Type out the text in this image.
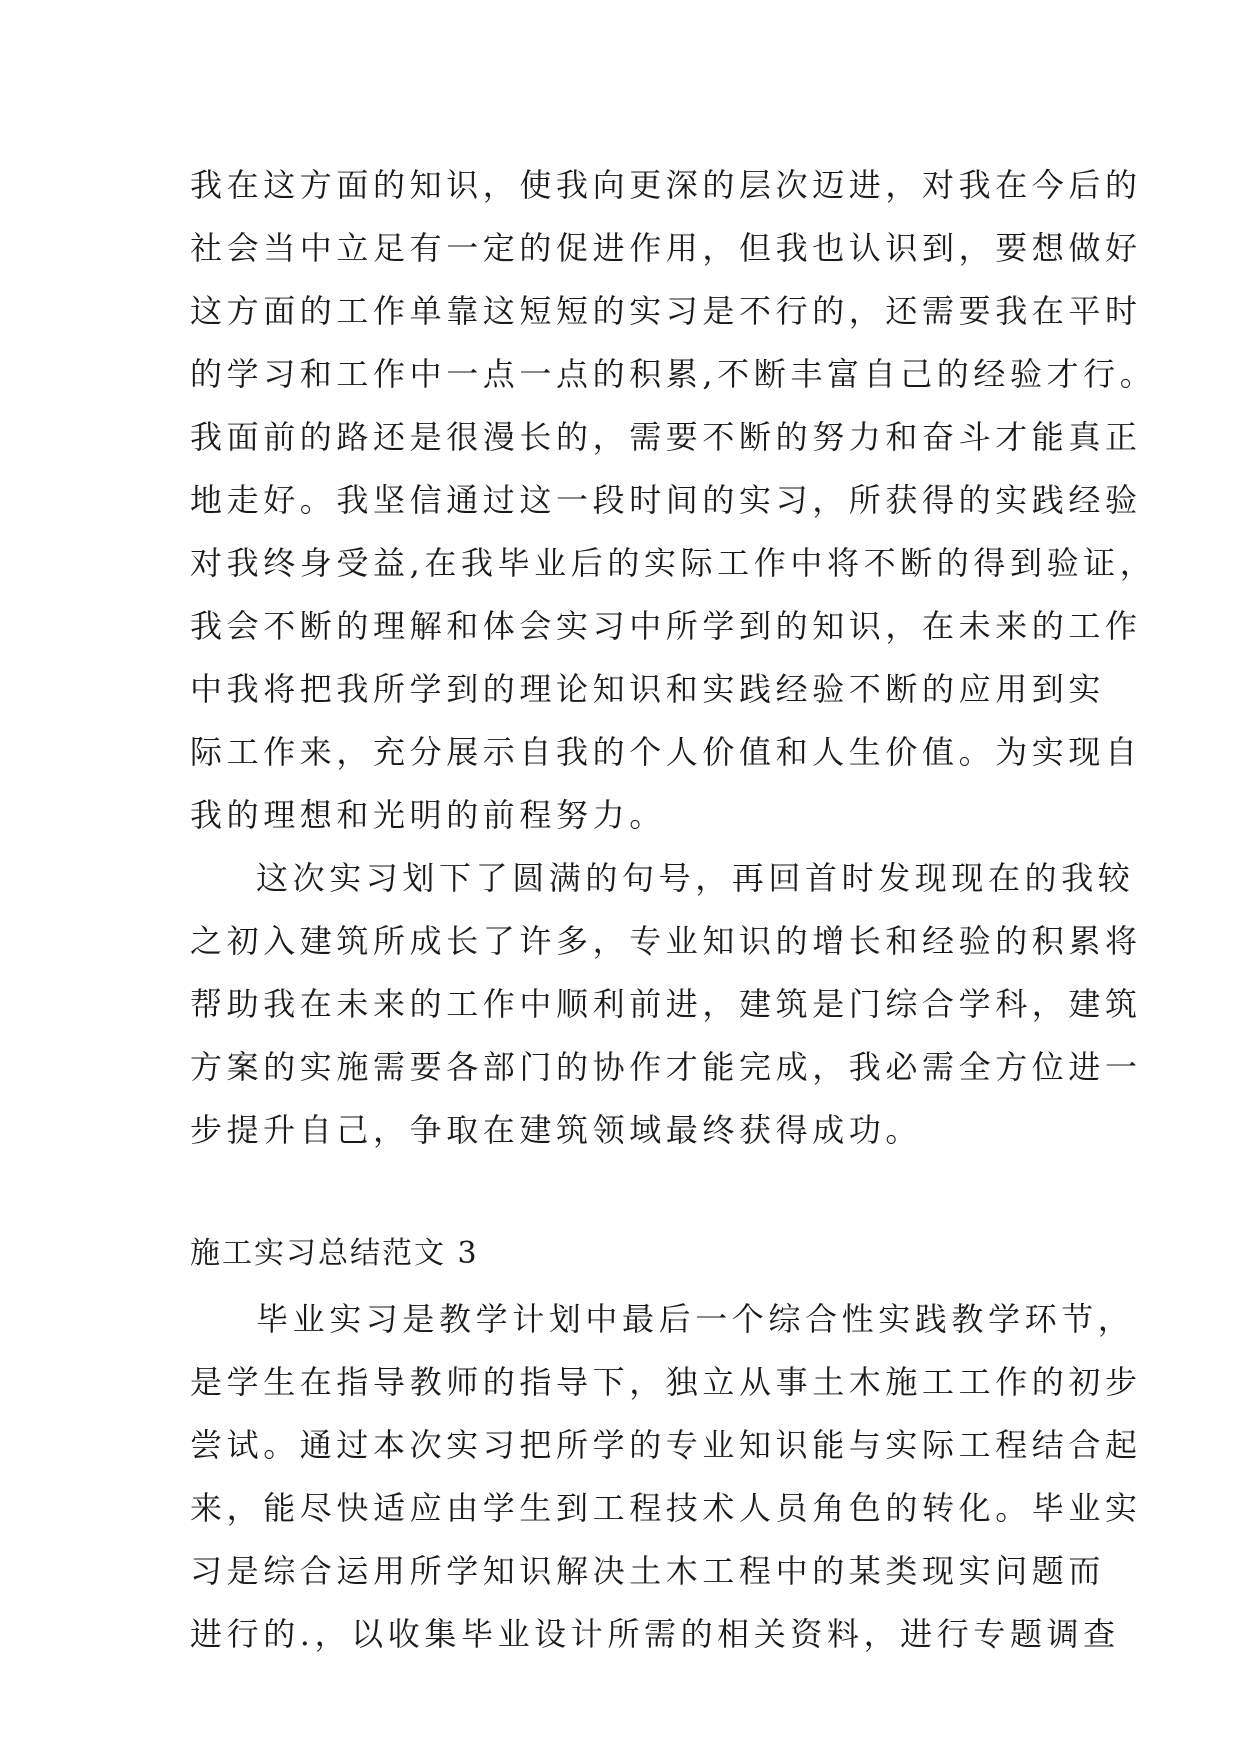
我在这方面的知识，使我向更深的层次迈进，对我在今后的
社会当中立足有一定的促进作用，但我也认识到，要想做好
这方面的工作单靠这短短的实习是不行的，还需要我在平时
的学习和工作中一点一点的积累,不断丰富自己的经验才行。
我面前的路还是很漫长的，需要不断的努力和奋斗才能真正
地走好。我坚信通过这一段时间的实习，所获得的实践经验
对我终身受益,在我毕业后的实际工作中将不断的得到验证，
我会不断的理解和体会实习中所学到的知识，在未来的工作
中我将把我所学到的理论知识和实践经验不断的应用到实
际工作来，充分展示自我的个人价值和人生价值。为实现自
我的理想和光明的前程努力。
这次实习划下了圆满的句号，再回首时发现现在的我较
之初入建筑所成长了许多，专业知识的增长和经验的积累将
帮助我在未来的工作中顺利前进，建筑是门综合学科，建筑
方案的实施需要各部门的协作才能完成，我必需全方位进一
步提升自己，争取在建筑领域最终获得成功。
施工实习总结范文 3
毕业实习是教学计划中最后一个综合性实践教学环节，
是学生在指导教师的指导下，独立从事土木施工工作的初步
尝试。通过本次实习把所学的专业知识能与实际工程结合起
来，能尽快适应由学生到工程技术人员角色的转化。毕业实
习是综合运用所学知识解决土木工程中的某类现实问题而
进行的.，以收集毕业设计所需的相关资料，进行专题调查
